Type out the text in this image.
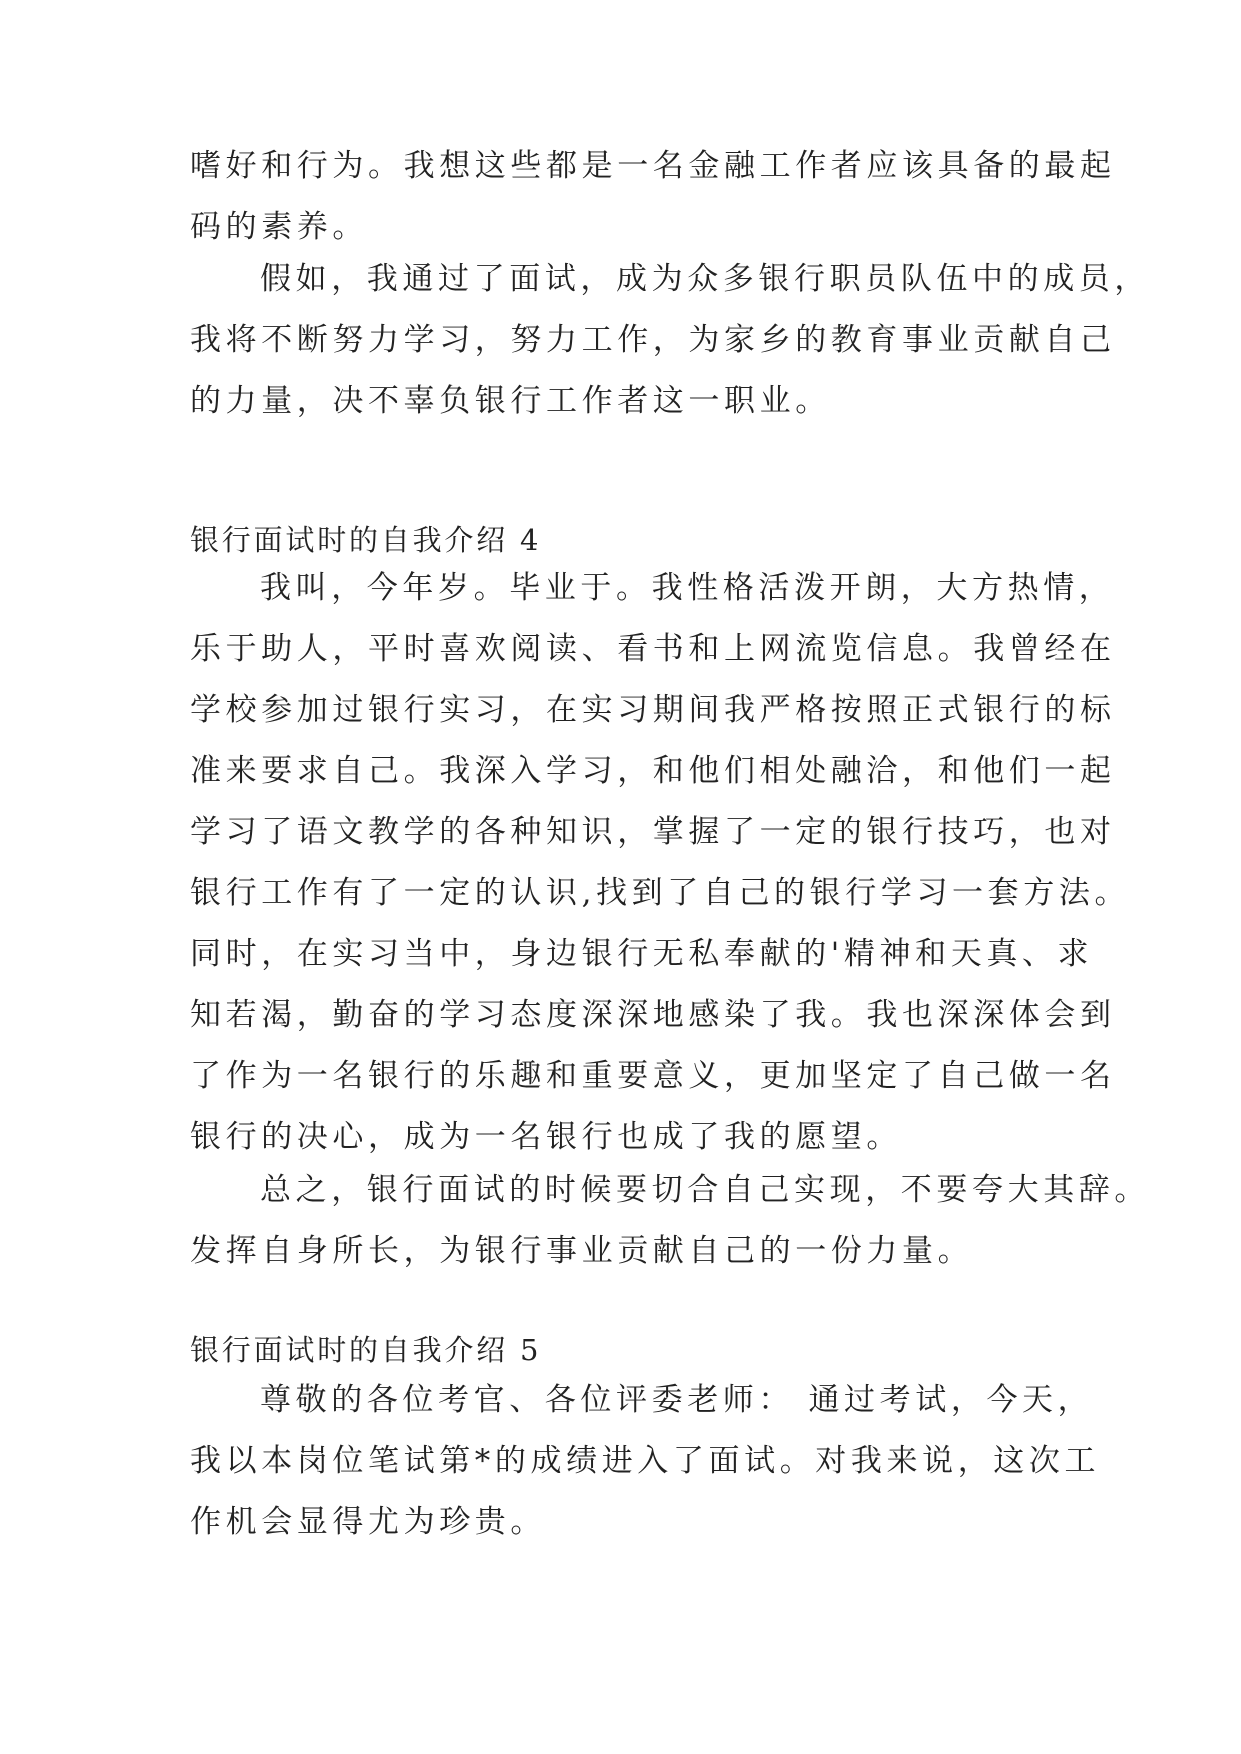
嗜好和行为。我想这些都是一名金融工作者应该具备的最起
码的素养。
假如，我通过了面试，成为众多银行职员队伍中的成员，
我将不断努力学习，努力工作，为家乡的教育事业贡献自己
的力量，决不辜负银行工作者这一职业。
银行面试时的自我介绍 4
我叫，今年岁。毕业于。我性格活泼开朗，大方热情，
乐于助人，平时喜欢阅读、看书和上网流览信息。我曾经在
学校参加过银行实习，在实习期间我严格按照正式银行的标
准来要求自己。我深入学习，和他们相处融洽，和他们一起
学习了语文教学的各种知识，掌握了一定的银行技巧，也对
银行工作有了一定的认识,找到了自己的银行学习一套方法。
同时，在实习当中，身边银行无私奉献的'精神和天真、求
知若渴，勤奋的学习态度深深地感染了我。我也深深体会到
了作为一名银行的乐趣和重要意义，更加坚定了自己做一名
银行的决心，成为一名银行也成了我的愿望。
总之，银行面试的时候要切合自己实现，不要夸大其辞。
发挥自身所长，为银行事业贡献自己的一份力量。
银行面试时的自我介绍 5
尊敬的各位考官、各位评委老师： 通过考试，今天，
我以本岗位笔试第*的成绩进入了面试。对我来说，这次工
作机会显得尤为珍贵。
